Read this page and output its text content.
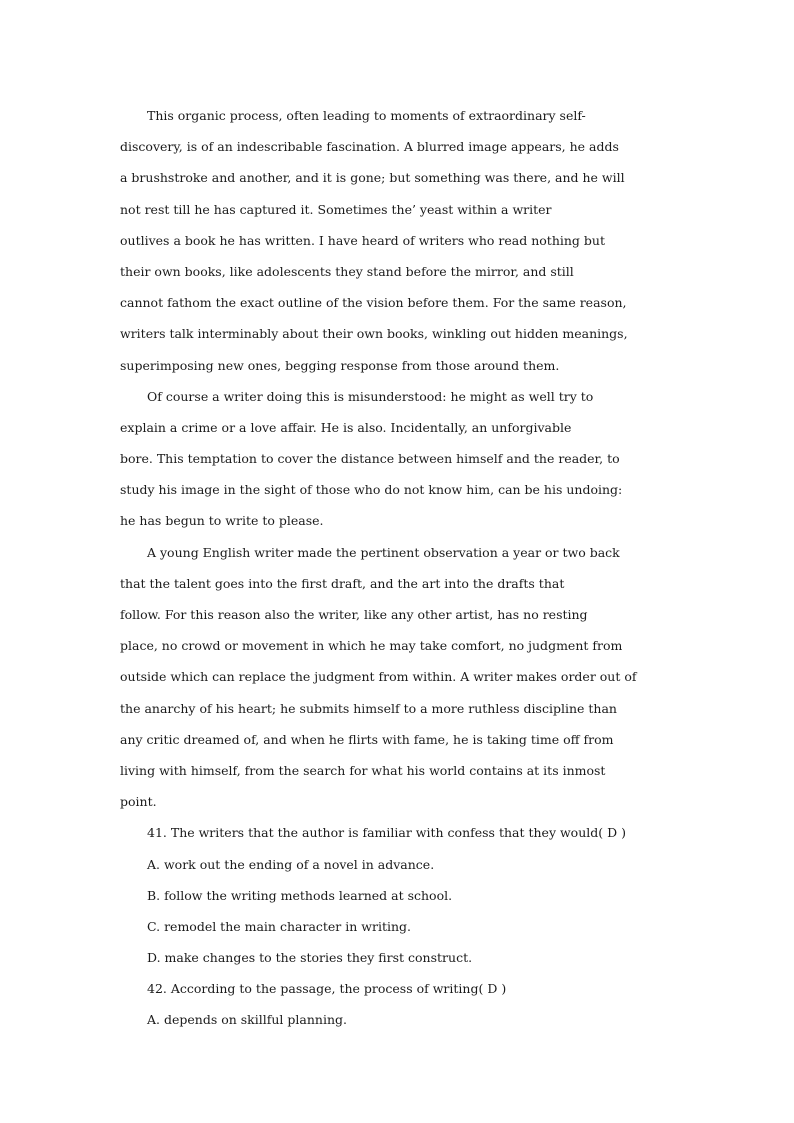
This organic process, often leading to moments of extraordinary self-
discovery, is of an indescribable fascination. A blurred image appears, he adds
a brushstroke and another, and it is gone; but something was there, and he will
not rest till he has captured it. Sometimes the’ yeast within a writer
outlives a book he has written. I have heard of writers who read nothing but
their own books, like adolescents they stand before the mirror, and still
cannot fathom the exact outline of the vision before them. For the same reason,
writers talk interminably about their own books, winkling out hidden meanings,
superimposing new ones, begging response from those around them.
Of course a writer doing this is misunderstood: he might as well try to
explain a crime or a love affair. He is also. Incidentally, an unforgivable
bore. This temptation to cover the distance between himself and the reader, to
study his image in the sight of those who do not know him, can be his undoing:
he has begun to write to please.
A young English writer made the pertinent observation a year or two back
that the talent goes into the first draft, and the art into the drafts that
follow. For this reason also the writer, like any other artist, has no resting
place, no crowd or movement in which he may take comfort, no judgment from
outside which can replace the judgment from within. A writer makes order out of
the anarchy of his heart; he submits himself to a more ruthless discipline than
any critic dreamed of, and when he flirts with fame, he is taking time off from
living with himself, from the search for what his world contains at its inmost
point.
41. The writers that the author is familiar with confess that they would( D )
A. work out the ending of a novel in advance.
B. follow the writing methods learned at school.
C. remodel the main character in writing.
D. make changes to the stories they first construct.
42. According to the passage, the process of writing( D )
A. depends on skillful planning.
